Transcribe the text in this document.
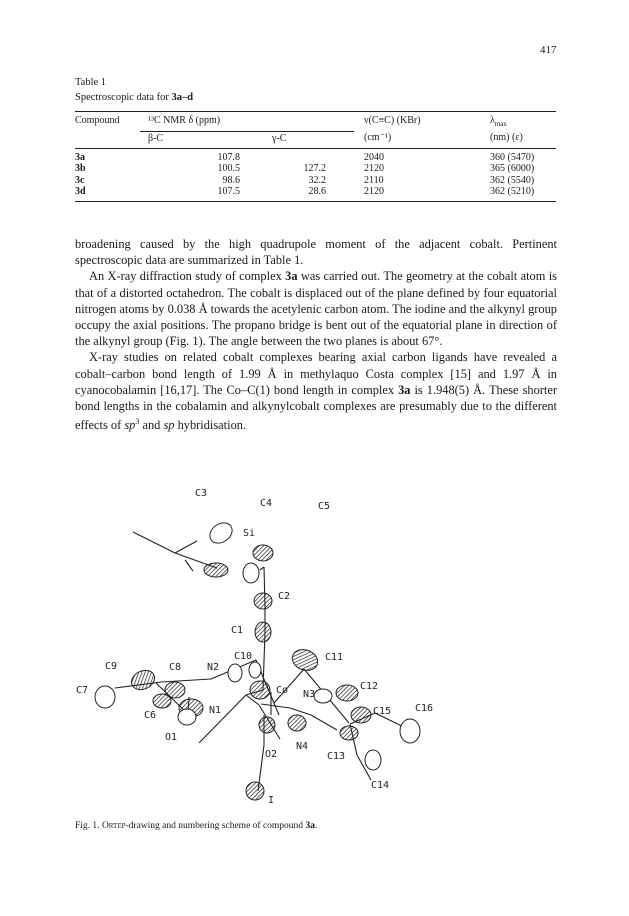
417
Table 1
Spectroscopic data for 3a–d
Compound	¹³C NMR δ (ppm)		ν(C≡C) (KBr)	$\lambda_{max}$
	β-C	γ-C	(cm⁻¹)	(nm) (ε)
3a	107.8		2040	360 (5470)
3b	100.5	127.2	2120	365 (6000)
3c	98.6	32.2	2110	362 (5540)
3d	107.5	28.6	2120	362 (5210)

broadening caused by the high quadrupole moment of the adjacent cobalt. Pertinent spectroscopic data are summarized in Table 1.

An X-ray diffraction study of complex 3a was carried out. The geometry at the cobalt atom is that of a distorted octahedron. The cobalt is displaced out of the plane defined by four equatorial nitrogen atoms by 0.038 Å towards the acetylenic carbon atom. The iodine and the alkynyl group occupy the axial positions. The propano bridge is bent out of the equatorial plane in direction of the alkynyl group (Fig. 1). The angle between the two planes is about 67°.

X-ray studies on related cobalt complexes bearing axial carbon ligands have revealed a cobalt–carbon bond length of 1.99 Å in methylaquo Costa complex [15] and 1.97 Å in cyanocobalamin [16,17]. The Co–C(1) bond length in complex 3a is 1.948(5) Å. These shorter bond lengths in the cobalamin and alkynylcobalt complexes are presumably due to the different effects of $sp^3$ and sp hybridisation.

C3
C4	C5
Si
C2
C1
C10	C11
C9	C8	N2
C12
C7	Co N3
C15 C16
C6	N1
O1
N4
O2	C13
C14
I
Fig. 1. Ortep-drawing and numbering scheme of compound 3a.
